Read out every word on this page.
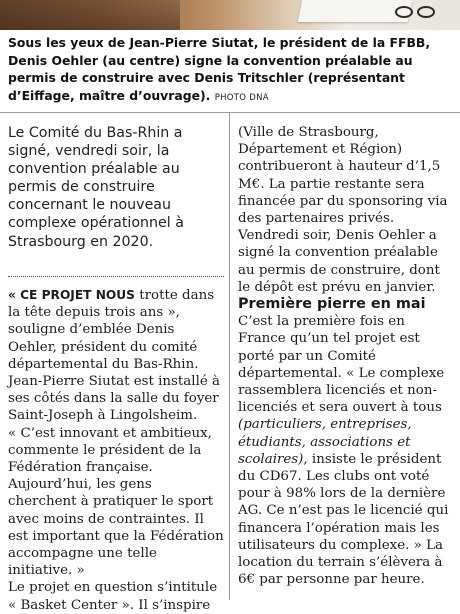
Sous les yeux de Jean-Pierre Siutat, le président de la FFBB, Denis Oehler (au centre) signe la convention préalable au permis de construire avec Denis Tritschler (représentant d’Eiffage, maître d’ouvrage). PHOTO DNA

Le Comité du Bas-Rhin a signé, vendredi soir, la convention préalable au permis de construire concernant le nouveau complexe opérationnel à Strasbourg en 2020.

« CE PROJET NOUS trotte dans la tête depuis trois ans », souligne d’emblée Denis Oehler, président du comité départemental du Bas-Rhin.

Jean-Pierre Siutat est installé à ses côtés dans la salle du foyer Saint-Joseph à Lingolsheim.

« C’est innovant et ambitieux, commente le président de la Fédération française. Aujourd’hui, les gens cherchent à pratiquer le sport avec moins de contraintes. Il est important que la Fédération accompagne une telle initiative. »

Le projet en question s’intitule « Basket Center ». Il s’inspire

(Ville de Strasbourg, Département et Région) contribueront à hauteur d’1,5 M€. La partie restante sera financée par du sponsoring via des partenaires privés. Vendredi soir, Denis Oehler a signé la convention préalable au permis de construire, dont le dépôt est prévu en janvier.

Première pierre en mai

C’est la première fois en France qu’un tel projet est porté par un Comité départemental. « Le complexe rassemblera licenciés et non-licenciés et sera ouvert à tous (particuliers, entreprises, étudiants, associations et scolaires), insiste le président du CD67. Les clubs ont voté pour à 98% lors de la dernière AG. Ce n’est pas le licencié qui financera l’opération mais les utilisateurs du complexe. » La location du terrain s’élèvera à 6€ par personne par heure.
